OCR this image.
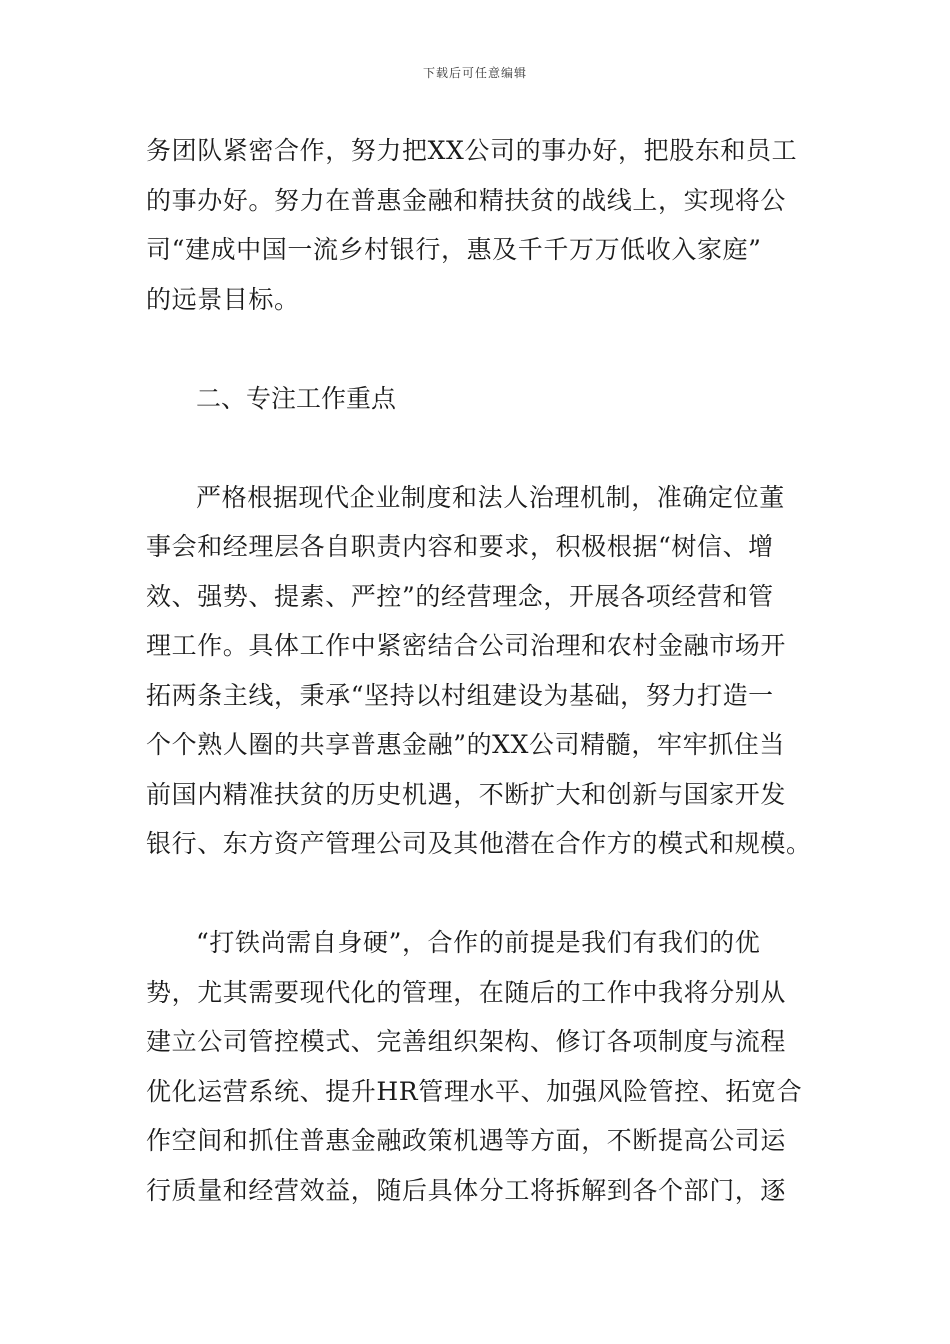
下载后可任意编辑
务团队紧密合作，努力把XX公司的事办好，把股东和员工
的事办好。努力在普惠金融和精扶贫的战线上，实现将公
司“建成中国一流乡村银行，惠及千千万万低收入家庭”
的远景目标。
二、专注工作重点
严格根据现代企业制度和法人治理机制，准确定位董
事会和经理层各自职责内容和要求，积极根据“树信、增
效、强势、提素、严控”的经营理念，开展各项经营和管
理工作。具体工作中紧密结合公司治理和农村金融市场开
拓两条主线，秉承“坚持以村组建设为基础，努力打造一
个个熟人圈的共享普惠金融”的XX公司精髓，牢牢抓住当
前国内精准扶贫的历史机遇，不断扩大和创新与国家开发
银行、东方资产管理公司及其他潜在合作方的模式和规模。
“打铁尚需自身硬”，合作的前提是我们有我们的优
势，尤其需要现代化的管理，在随后的工作中我将分别从
建立公司管控模式、完善组织架构、修订各项制度与流程
优化运营系统、提升HR管理水平、加强风险管控、拓宽合
作空间和抓住普惠金融政策机遇等方面，不断提高公司运
行质量和经营效益，随后具体分工将拆解到各个部门，逐
